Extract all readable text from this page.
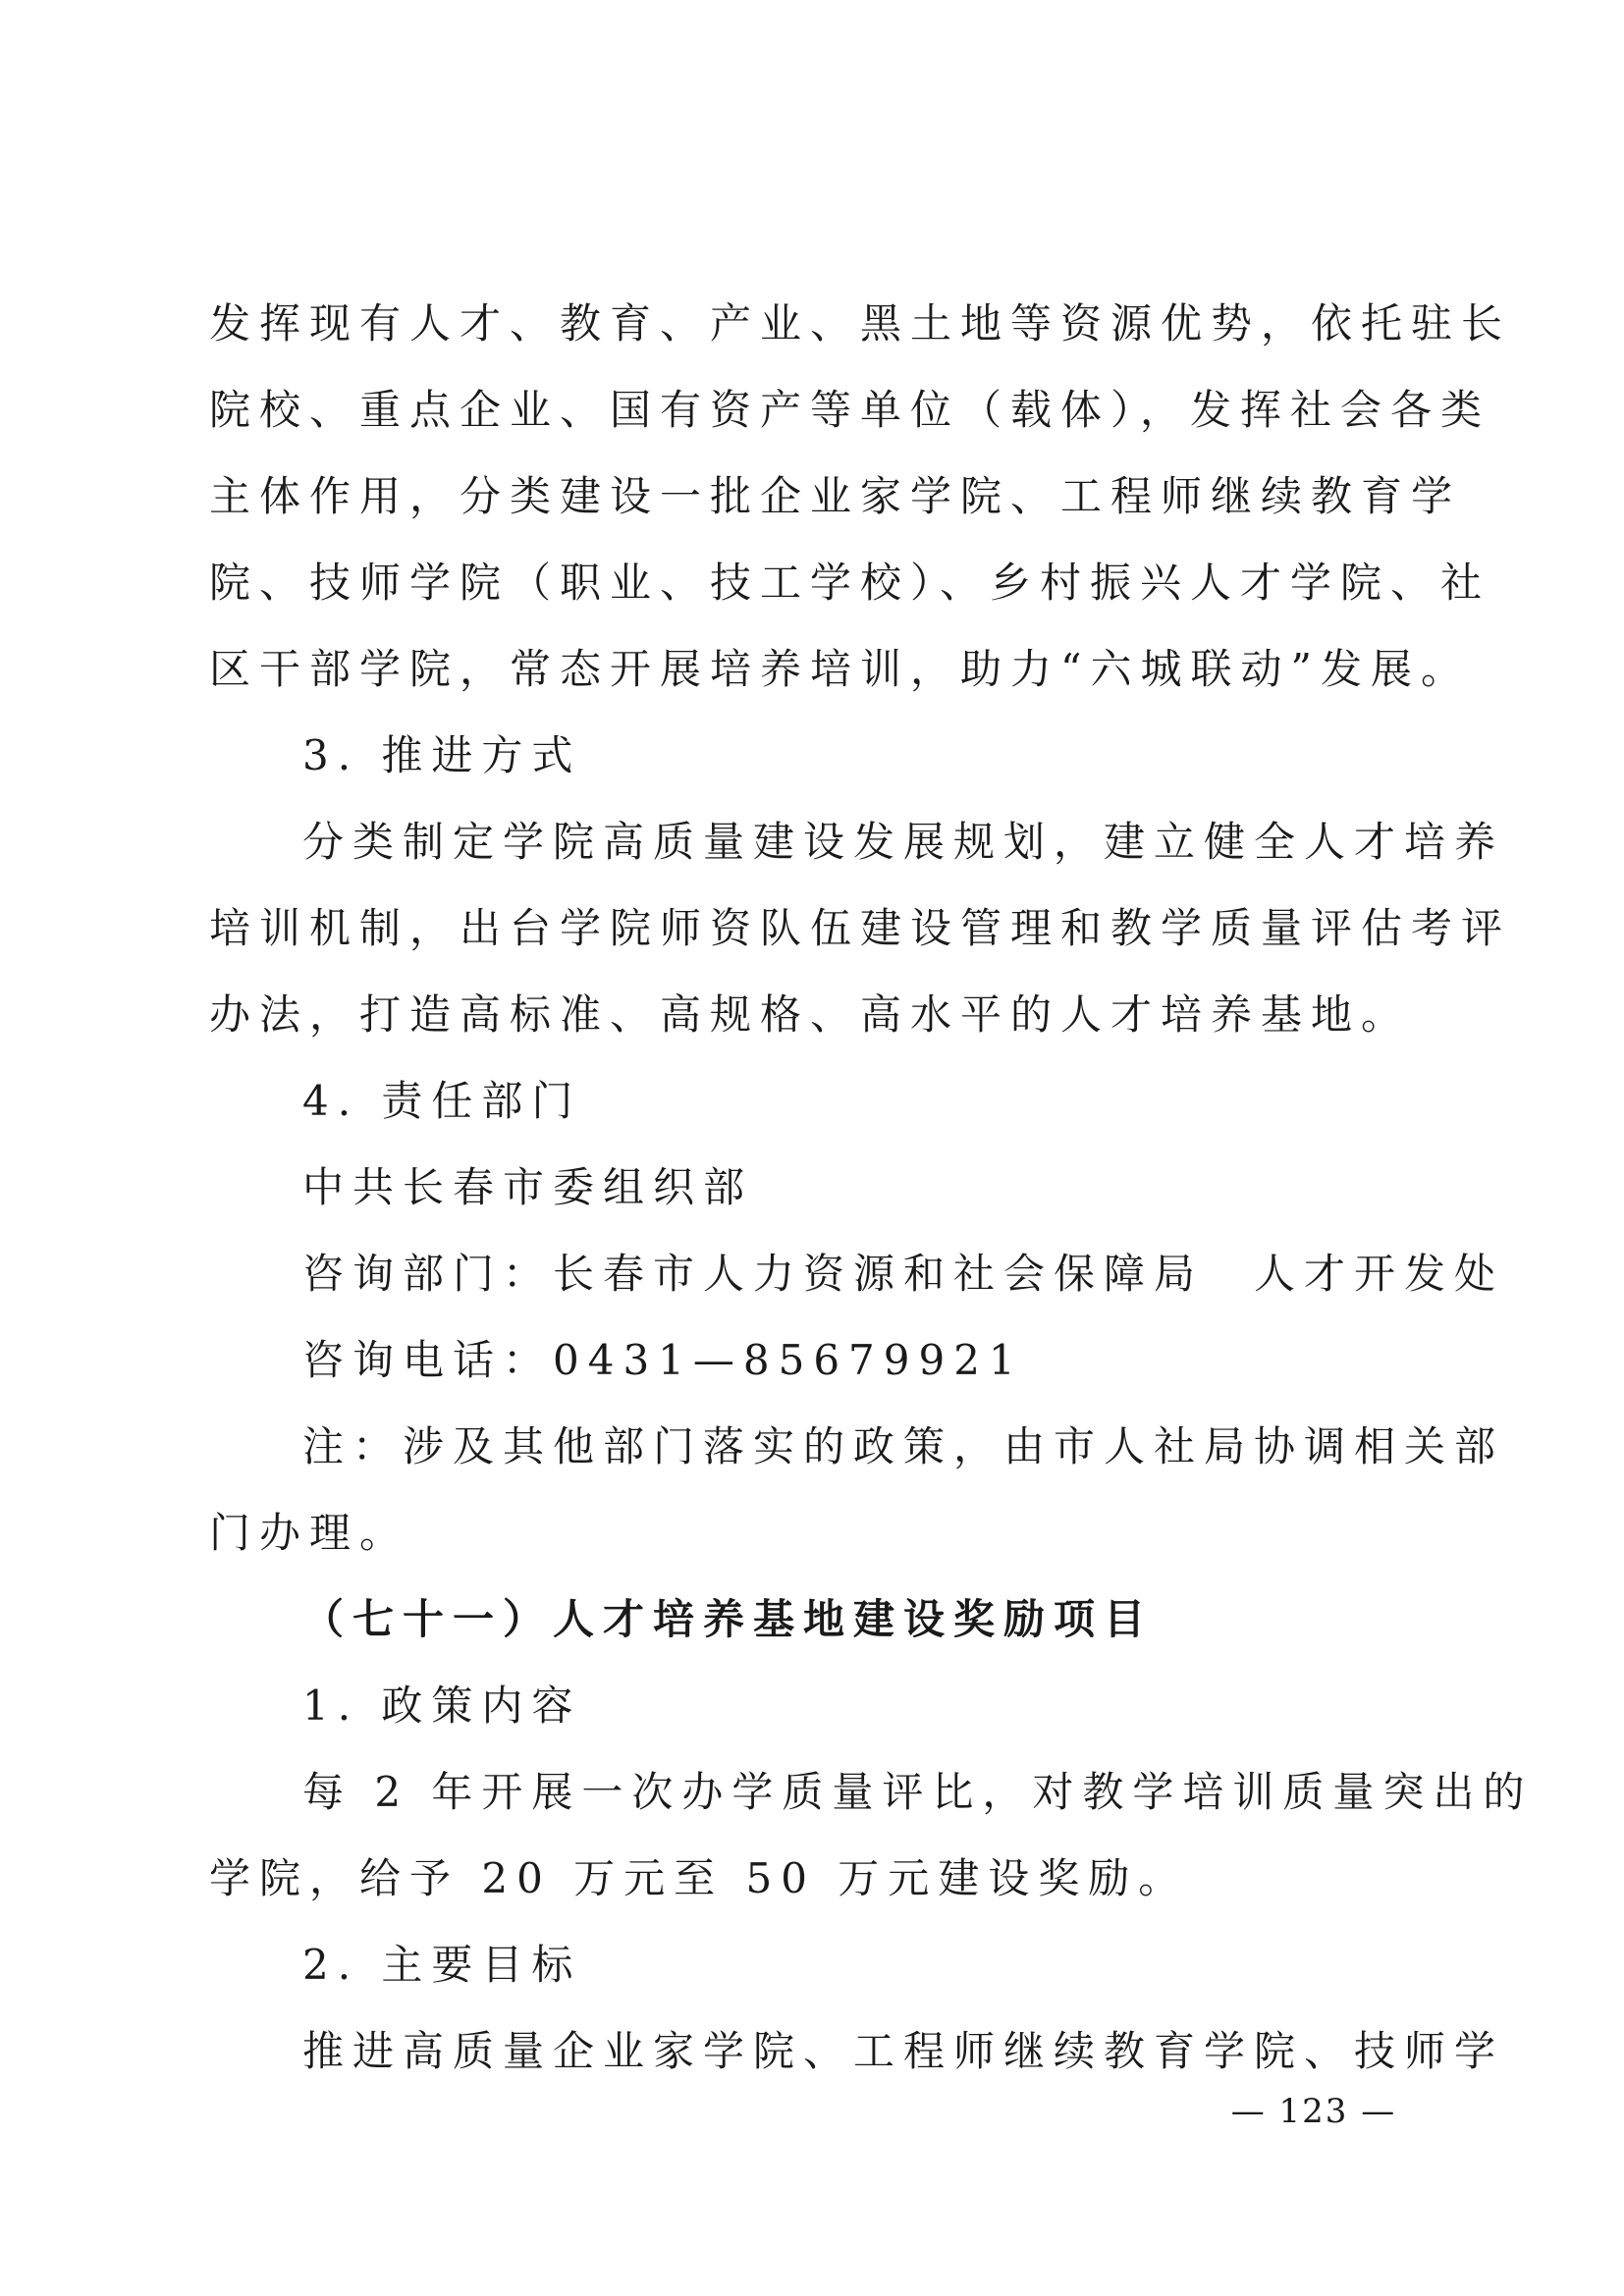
发挥现有人才、教育、产业、黑土地等资源优势，依托驻长
院校、重点企业、国有资产等单位（载体），发挥社会各类
主体作用，分类建设一批企业家学院、工程师继续教育学
院、技师学院（职业、技工学校）、乡村振兴人才学院、社
区干部学院，常态开展培养培训，助力“六城联动”发展。
3. 推进方式
分类制定学院高质量建设发展规划，建立健全人才培养
培训机制，出台学院师资队伍建设管理和教学质量评估考评
办法，打造高标准、高规格、高水平的人才培养基地。
4. 责任部门
中共长春市委组织部
咨询部门：长春市人力资源和社会保障局　人才开发处
咨询电话：0431—85679921
注：涉及其他部门落实的政策，由市人社局协调相关部
门办理。
（七十一）人才培养基地建设奖励项目
1. 政策内容
每 2 年开展一次办学质量评比，对教学培训质量突出的
学院，给予 20 万元至 50 万元建设奖励。
2. 主要目标
推进高质量企业家学院、工程师继续教育学院、技师学
— 123 —
